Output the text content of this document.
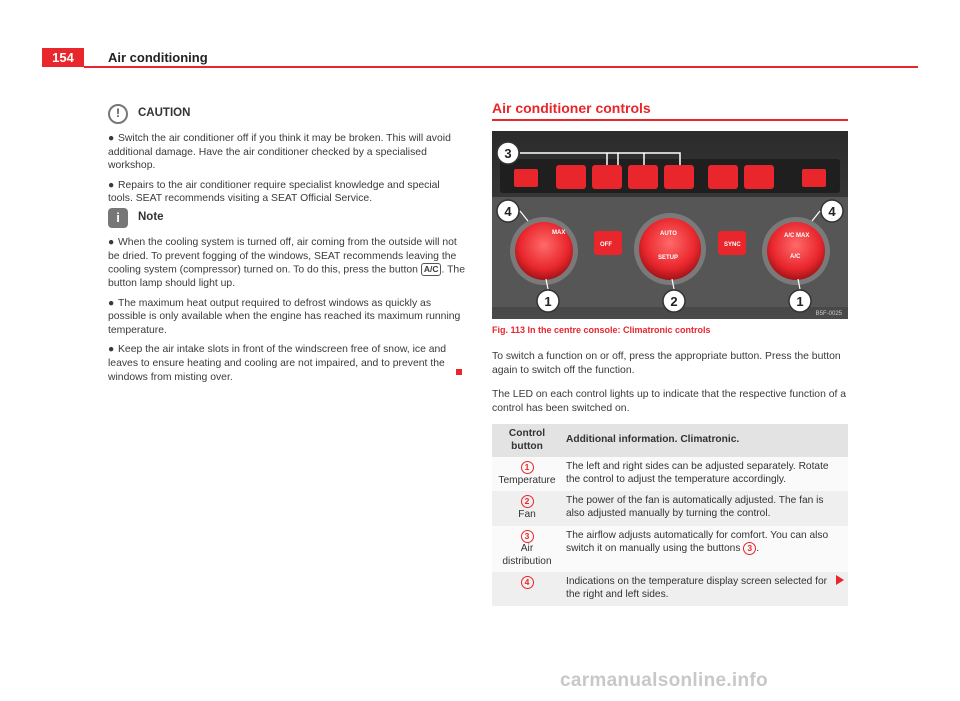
154	Air conditioning
!	CAUTION

● Switch the air conditioner off if you think it may be broken. This will avoid additional damage. Have the air conditioner checked by a specialised workshop.

● Repairs to the air conditioner require specialist knowledge and special tools. SEAT recommends visiting a SEAT Official Service.

i	Note

● When the cooling system is turned off, air coming from the outside will not be dried. To prevent fogging of the windows, SEAT recommends leaving the cooling system (compressor) turned on. To do this, press the button A/C . The button lamp should light up.

● The maximum heat output required to defrost windows as quickly as possible is only available when the engine has reached its maximum running temperature.

● Keep the air intake slots in front of the windscreen free of snow, ice and leaves to ensure heating and cooling are not impaired, and to prevent the windows from misting over.

Air conditioner controls
MAX
OFF
AUTO
SETUP
SYNC
A/C MAX
A/C
3
4	4
1	2	1
B5F-0025
Fig. 113 In the centre console: Climatronic controls
To switch a function on or off, press the appropriate button. Press the button again to switch off the function.
The LED on each control lights up to indicate that the respective function of a control has been switched on.
Control button	Additional information. Climatronic.
1
Temperature	The left and right sides can be adjusted separately. Rotate the control to adjust the temperature accordingly.
2
Fan	The power of the fan is automatically adjusted. The fan is also adjusted manually by turning the control.
3
Air distribution	The airflow adjusts automatically for comfort. You can also switch it on manually using the buttons 3 .
4	Indications on the temperature display screen selected for the right and left sides.
carmanualsonline.info
